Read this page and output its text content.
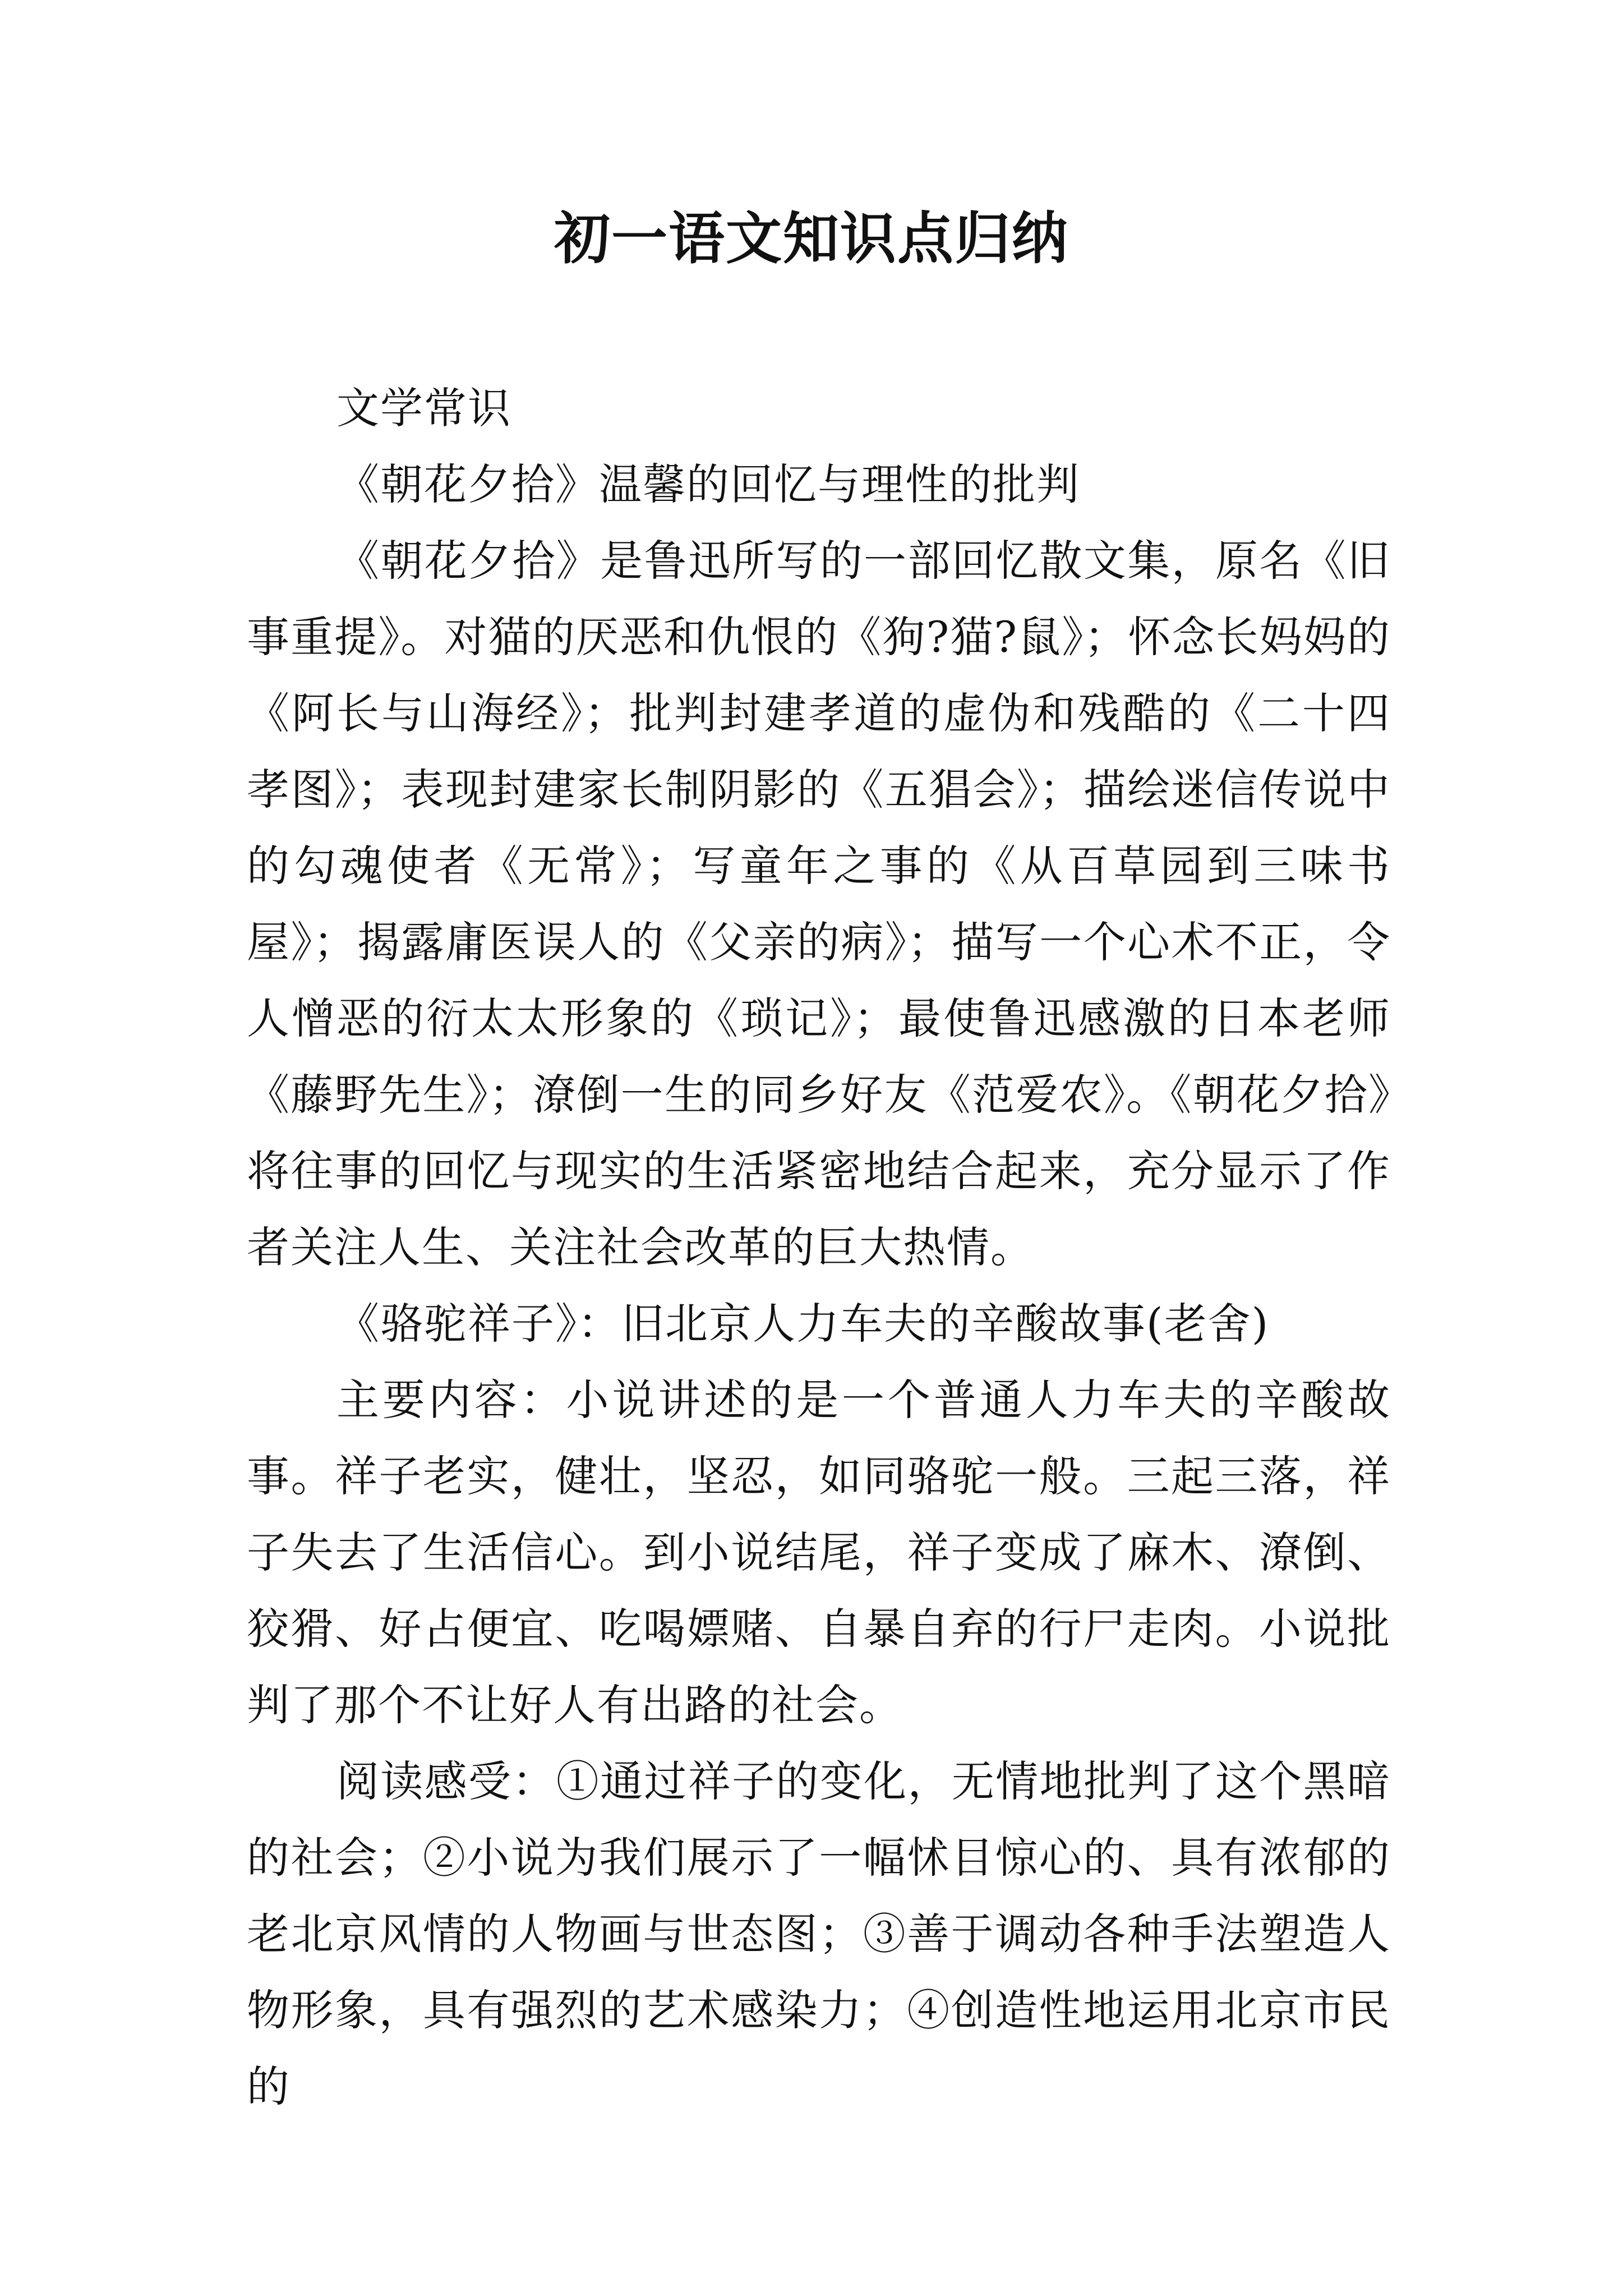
初一语文知识点归纳

文学常识

《朝花夕拾》温馨的回忆与理性的批判

《朝花夕拾》是鲁迅所写的一部回忆散文集，原名《旧事重提》。对猫的厌恶和仇恨的《狗?猫?鼠》；怀念长妈妈的《阿长与山海经》；批判封建孝道的虚伪和残酷的《二十四孝图》；表现封建家长制阴影的《五猖会》；描绘迷信传说中的勾魂使者《无常》；写童年之事的《从百草园到三味书屋》；揭露庸医误人的《父亲的病》；描写一个心术不正，令人憎恶的衍太太形象的《琐记》；最使鲁迅感激的日本老师《藤野先生》；潦倒一生的同乡好友《范爱农》。《朝花夕拾》将往事的回忆与现实的生活紧密地结合起来，充分显示了作者关注人生、关注社会改革的巨大热情。

《骆驼祥子》：旧北京人力车夫的辛酸故事(老舍)

主要内容：小说讲述的是一个普通人力车夫的辛酸故事。祥子老实，健壮，坚忍，如同骆驼一般。三起三落，祥子失去了生活信心。到小说结尾，祥子变成了麻木、潦倒、狡猾、好占便宜、吃喝嫖赌、自暴自弃的行尸走肉。小说批判了那个不让好人有出路的社会。

阅读感受：①通过祥子的变化，无情地批判了这个黑暗的社会；②小说为我们展示了一幅怵目惊心的、具有浓郁的老北京风情的人物画与世态图；③善于调动各种手法塑造人物形象，具有强烈的艺术感染力；④创造性地运用北京市民的
